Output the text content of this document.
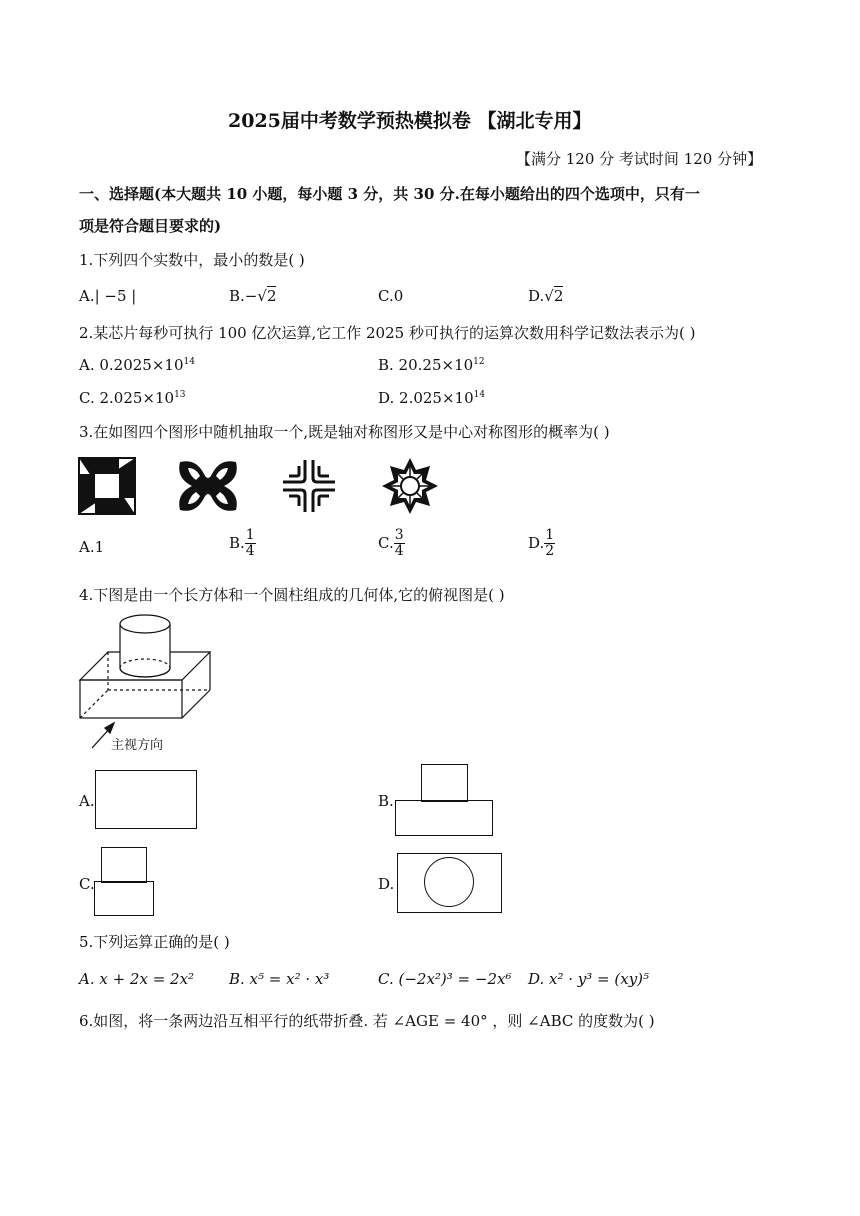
2025届中考数学预热模拟卷 【湖北专用】
【满分 120 分 考试时间 120 分钟】
一、选择题(本大题共 10 小题，每小题 3 分，共 30 分.在每小题给出的四个选项中，只有一
项是符合题目要求的)
1.下列四个实数中，最小的数是( )
A.| −5 |	B.−√2	C.0	D.√2
2.某芯片每秒可执行 100 亿次运算,它工作 2025 秒可执行的运算次数用科学记数法表示为( )
A. $0.2025\times 10^{14}$	B. $20.25\times 10^{12}$
C. $2.025\times 10^{13}$	D. $2.025\times 10^{14}$
3.在如图四个图形中随机抽取一个,既是轴对称图形又是中心对称图形的概率为( )
A.1	B. $\frac{1}{4}$	C. $\frac{3}{4}$	D. $\frac{1}{2}$
4.下图是由一个长方体和一个圆柱组成的几何体,它的俯视图是( )
主视方向
A.	B.
C.	D.
5.下列运算正确的是( )
A. x + 2x = 2x² B. x⁵ = x² · x³	C. (−2x²)³ = −2x⁶ D. x² · y³ = (xy)⁵
6.如图，将一条两边沿互相平行的纸带折叠. 若 ∠AGE = 40° ，则 ∠ABC 的度数为( )
